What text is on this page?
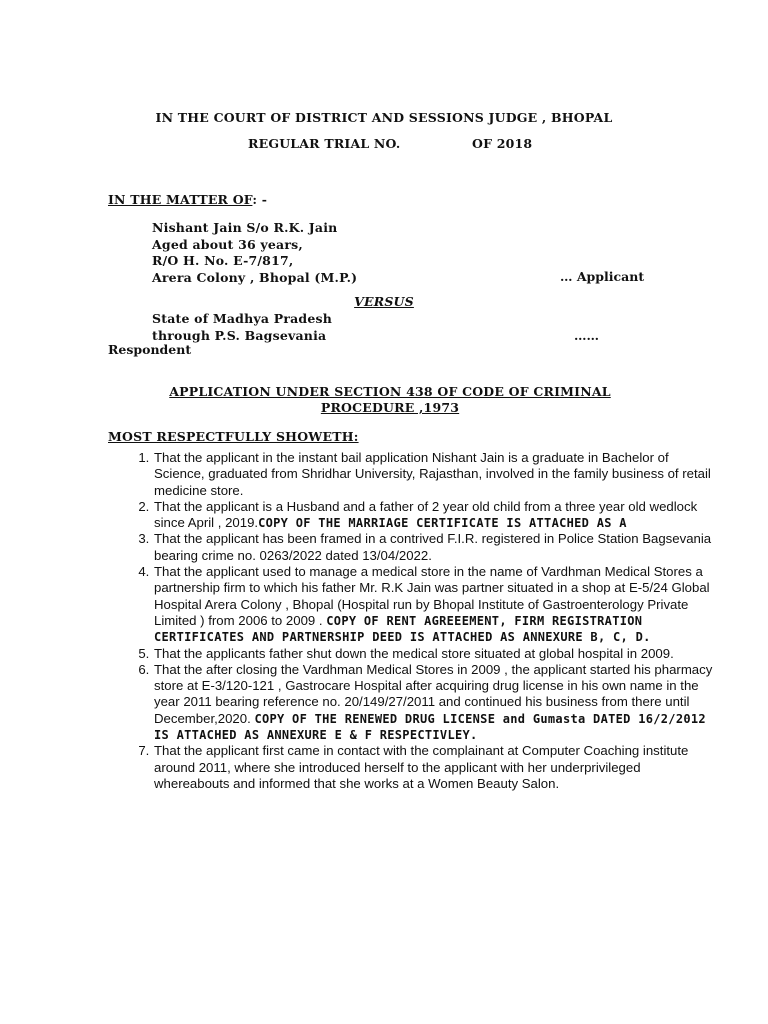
IN THE COURT OF DISTRICT AND SESSIONS JUDGE , BHOPAL
REGULAR TRIAL NO.	OF 2018
IN THE MATTER OF: -
Nishant Jain S/o R.K. Jain
Aged about 36 years,
R/O H. No. E-7/817,
Arera Colony , Bhopal (M.P.)	… Applicant
VERSUS
State of Madhya Pradesh
through P.S. Bagsevania	……
Respondent
APPLICATION UNDER SECTION 438 OF CODE OF CRIMINAL
PROCEDURE ,1973
MOST RESPECTFULLY SHOWETH:
1. That the applicant in the instant bail application Nishant Jain is a graduate in Bachelor of Science, graduated from Shridhar University, Rajasthan, involved in the family business of retail medicine store.
2. That the applicant is a Husband and a father of 2 year old child from a three year old wedlock since April , 2019.COPY OF THE MARRIAGE CERTIFICATE IS ATTACHED AS A
3. That the applicant has been framed in a contrived F.I.R. registered in Police Station Bagsevania bearing crime no. 0263/2022 dated 13/04/2022.
4. That the applicant used to manage a medical store in the name of Vardhman Medical Stores a partnership firm to which his father Mr. R.K Jain was partner situated in a shop at E-5/24 Global Hospital Arera Colony , Bhopal (Hospital run by Bhopal Institute of Gastroenterology Private Limited ) from 2006 to 2009 . COPY OF RENT AGREEEMENT, FIRM REGISTRATION CERTIFICATES AND PARTNERSHIP DEED IS ATTACHED AS ANNEXURE B, C, D.
5. That the applicants father shut down the medical store situated at global hospital in 2009.
6. That the after closing the Vardhman Medical Stores in 2009 , the applicant started his pharmacy store at E-3/120-121 , Gastrocare Hospital after acquiring drug license in his own name in the year 2011 bearing reference no. 20/149/27/2011 and continued his business from there until December,2020. COPY OF THE RENEWED DRUG LICENSE and Gumasta DATED 16/2/2012 IS ATTACHED AS ANNEXURE E & F RESPECTIVLEY.
7. That the applicant first came in contact with the complainant at Computer Coaching institute around 2011, where she introduced herself to the applicant with her underprivileged whereabouts and informed that she works at a Women Beauty Salon.
